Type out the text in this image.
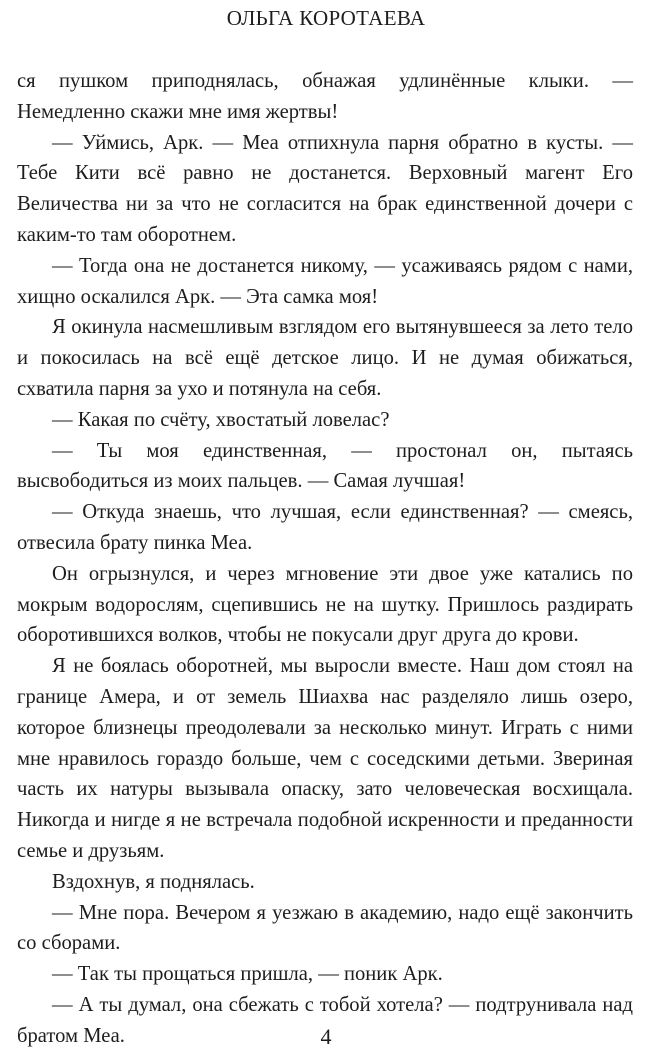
ОЛЬГА КОРОТАЕВА

ся пушком приподнялась, обнажая удлинённые клыки. — Немедленно скажи мне имя жертвы!

— Уймись, Арк. — Меа отпихнула парня обратно в кусты. — Тебе Кити всё равно не достанется. Верховный магент Его Величества ни за что не согласится на брак единственной дочери с каким-то там оборотнем.

— Тогда она не достанется никому, — усаживаясь рядом с нами, хищно оскалился Арк. — Эта самка моя!

Я окинула насмешливым взглядом его вытянувшееся за лето тело и покосилась на всё ещё детское лицо. И не думая обижаться, схватила парня за ухо и потянула на себя.

— Какая по счёту, хвостатый ловелас?

— Ты моя единственная, — простонал он, пытаясь высвободиться из моих пальцев. — Самая лучшая!

— Откуда знаешь, что лучшая, если единственная? — смеясь, отвесила брату пинка Меа.

Он огрызнулся, и через мгновение эти двое уже катались по мокрым водорослям, сцепившись не на шутку. Пришлось раздирать оборотившихся волков, чтобы не покусали друг друга до крови.

Я не боялась оборотней, мы выросли вместе. Наш дом стоял на границе Амера, и от земель Шиахва нас разделяло лишь озеро, которое близнецы преодолевали за несколько минут. Играть с ними мне нравилось гораздо больше, чем с соседскими детьми. Звериная часть их натуры вызывала опаску, зато человеческая восхищала. Никогда и нигде я не встречала подобной искренности и преданности семье и друзьям.

Вздохнув, я поднялась.

— Мне пора. Вечером я уезжаю в академию, надо ещё закончить со сборами.

— Так ты прощаться пришла, — поник Арк.

— А ты думал, она сбежать с тобой хотела? — подтрунивала над братом Меа.	4
